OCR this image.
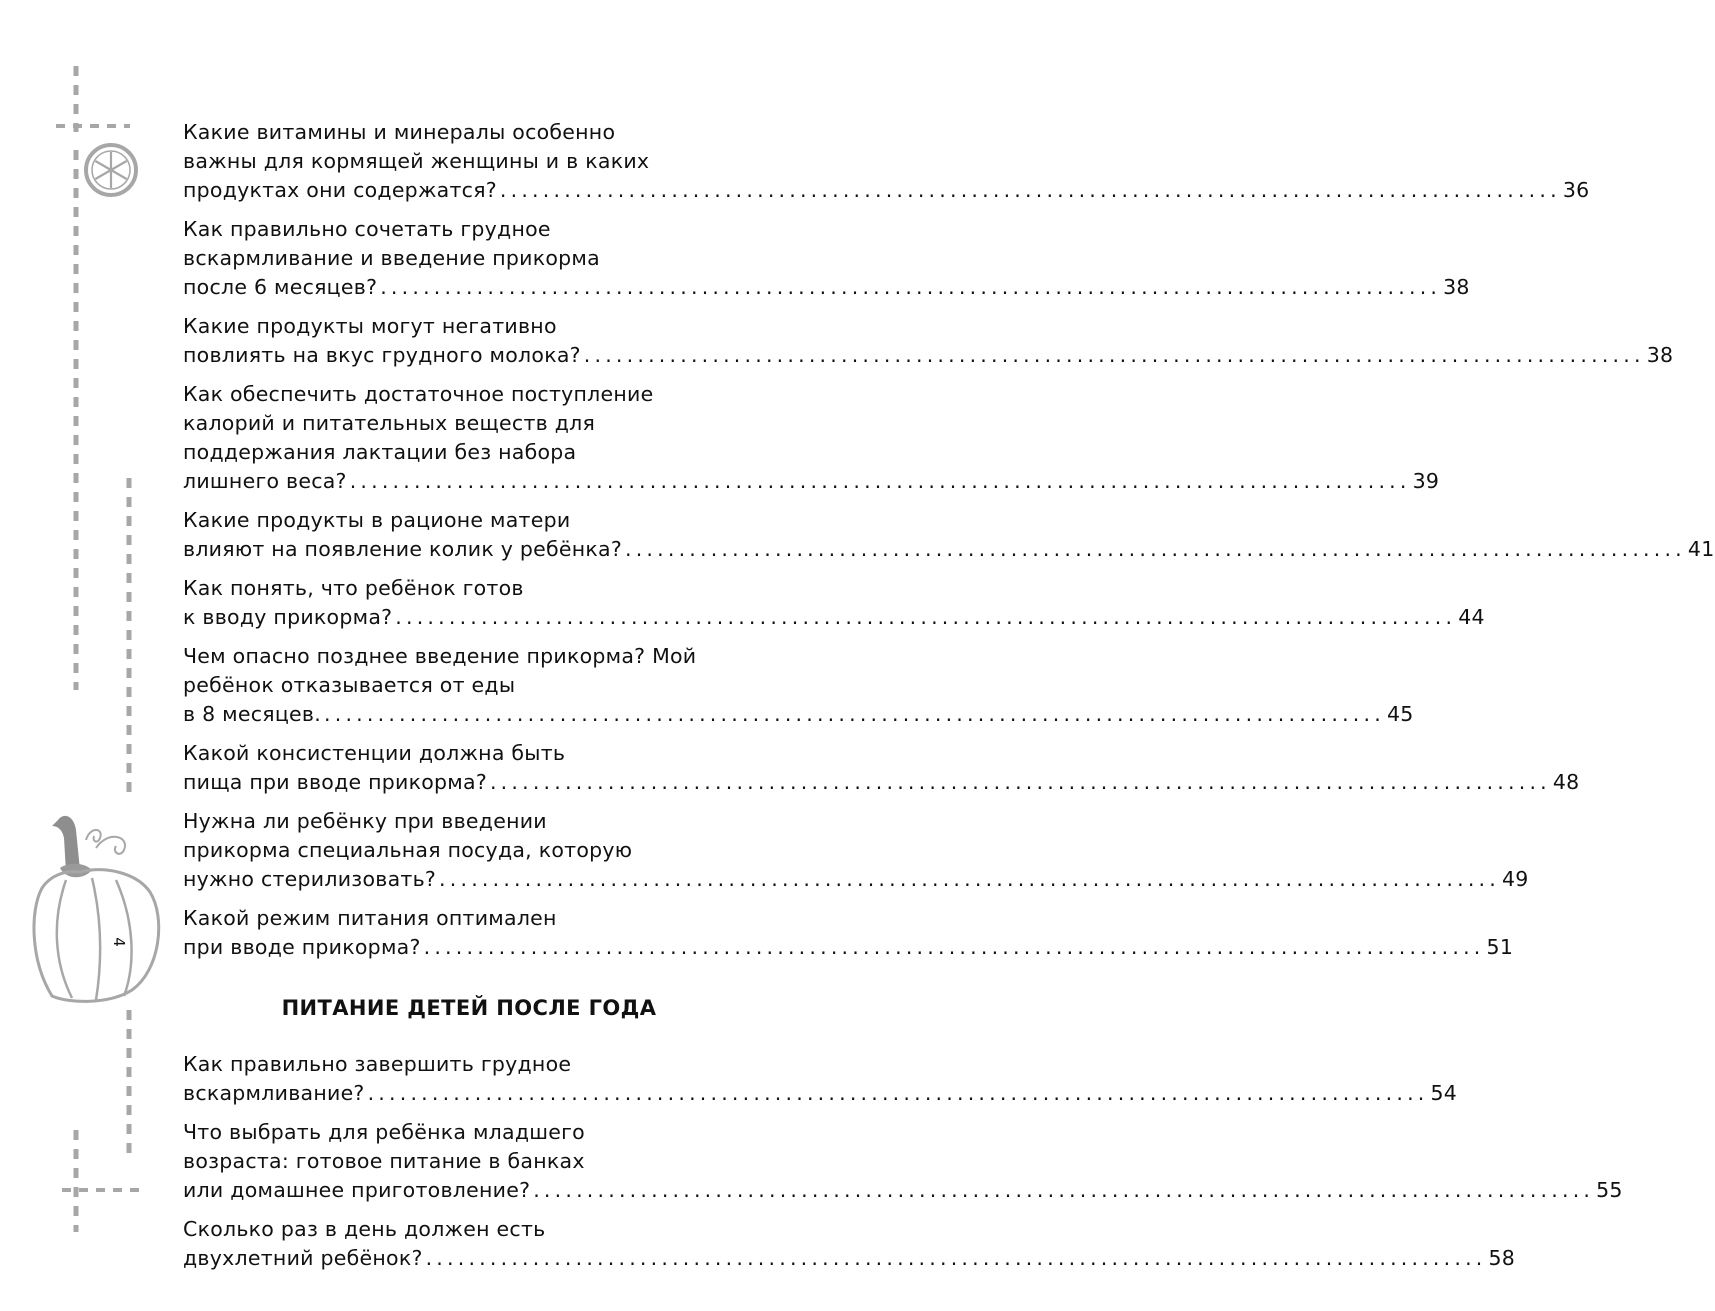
4
Какие витамины и минералы особенно
важны для кормящей женщины и в каких
продуктах они содержатся? ................................................................................................... 36
Как правильно сочетать грудное
вскармливание и введение прикорма
после 6 месяцев? ................................................................................................... 38
Какие продукты могут негативно
повлиять на вкус грудного молока? ................................................................................................... 38
Как обеспечить достаточное поступление
калорий и питательных веществ для
поддержания лактации без набора
лишнего веса? ................................................................................................... 39
Какие продукты в рационе матери
влияют на появление колик у ребёнка? ................................................................................................... 41
Как понять, что ребёнок готов
к вводу прикорма? ................................................................................................... 44
Чем опасно позднее введение прикорма? Мой
ребёнок отказывается от еды
в 8 месяцев. ................................................................................................... 45
Какой консистенции должна быть
пища при вводе прикорма? ................................................................................................... 48
Нужна ли ребёнку при введении
прикорма специальная посуда, которую
нужно стерилизовать? ................................................................................................... 49
Какой режим питания оптимален
при вводе прикорма? ................................................................................................... 51
ПИТАНИЕ ДЕТЕЙ ПОСЛЕ ГОДА
Как правильно завершить грудное
вскармливание? ................................................................................................... 54
Что выбрать для ребёнка младшего
возраста: готовое питание в банках
или домашнее приготовление? ................................................................................................... 55
Сколько раз в день должен есть
двухлетний ребёнок? ................................................................................................... 58
